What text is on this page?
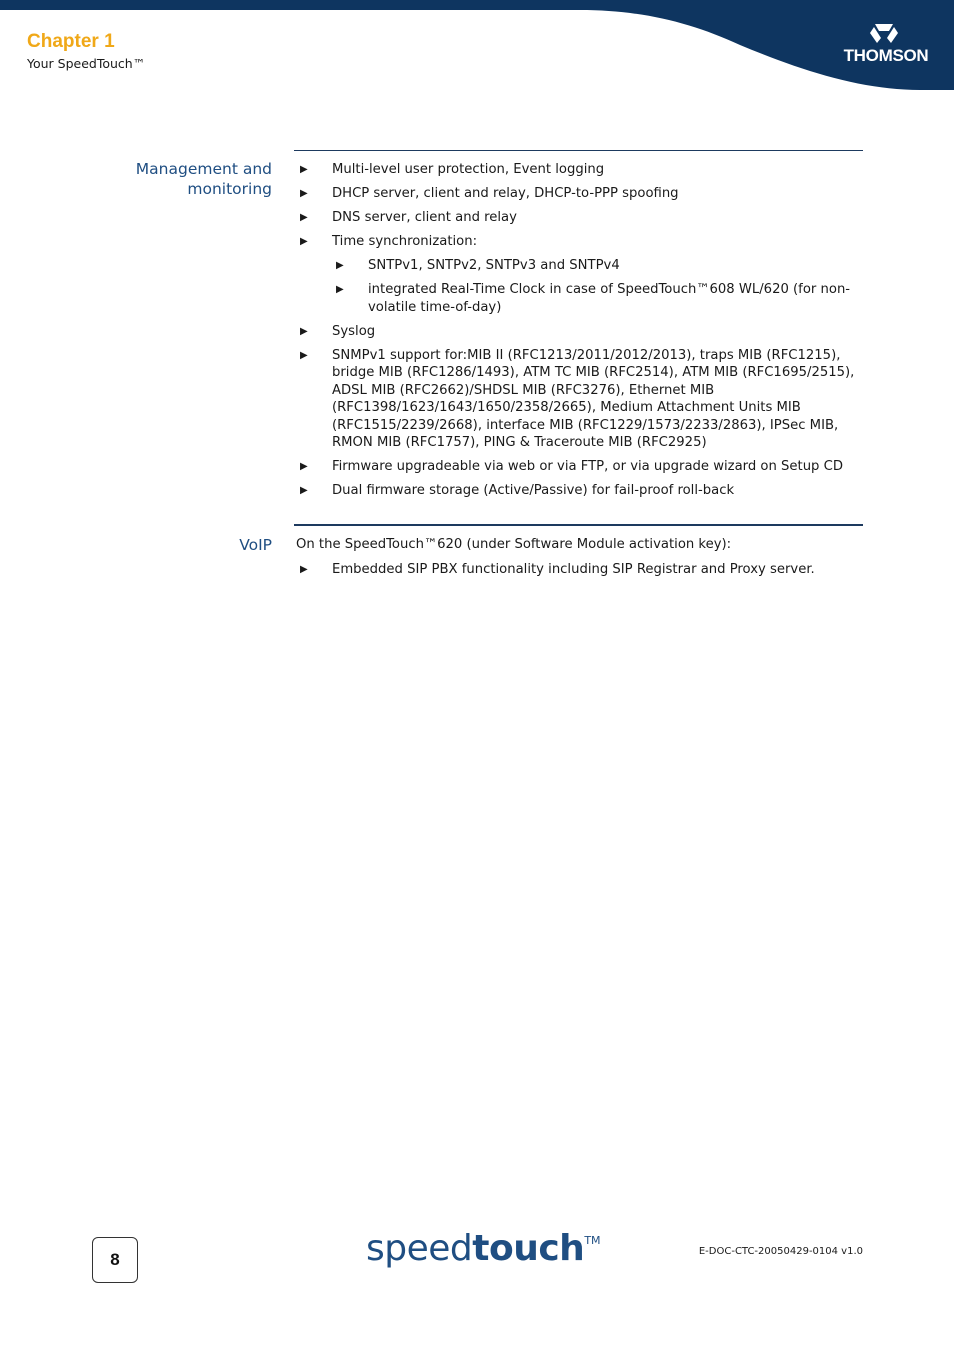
Chapter 1
Your SpeedTouch™	THOMSON
Management and
monitoring
▶ Multi-level user protection, Event logging
▶ DHCP server, client and relay, DHCP-to-PPP spoofing
▶ DNS server, client and relay
▶ Time synchronization:
▶ SNTPv1, SNTPv2, SNTPv3 and SNTPv4
▶ integrated Real-Time Clock in case of SpeedTouch™608 WL/620 (for non-volatile time-of-day)
▶ Syslog
▶ SNMPv1 support for:MIB II (RFC1213/2011/2012/2013), traps MIB (RFC1215), bridge MIB (RFC1286/1493), ATM TC MIB (RFC2514), ATM MIB (RFC1695/2515), ADSL MIB (RFC2662)/SHDSL MIB (RFC3276), Ethernet MIB (RFC1398/1623/1643/1650/2358/2665), Medium Attachment Units MIB (RFC1515/2239/2668), interface MIB (RFC1229/1573/2233/2863), IPSec MIB, RMON MIB (RFC1757), PING & Traceroute MIB (RFC2925)
▶ Firmware upgradeable via web or via FTP, or via upgrade wizard on Setup CD
▶ Dual firmware storage (Active/Passive) for fail-proof roll-back
VoIP On the SpeedTouch™620 (under Software Module activation key):
▶ Embedded SIP PBX functionality including SIP Registrar and Proxy server.
8	speedtouch™
E-DOC-CTC-20050429-0104 v1.0
